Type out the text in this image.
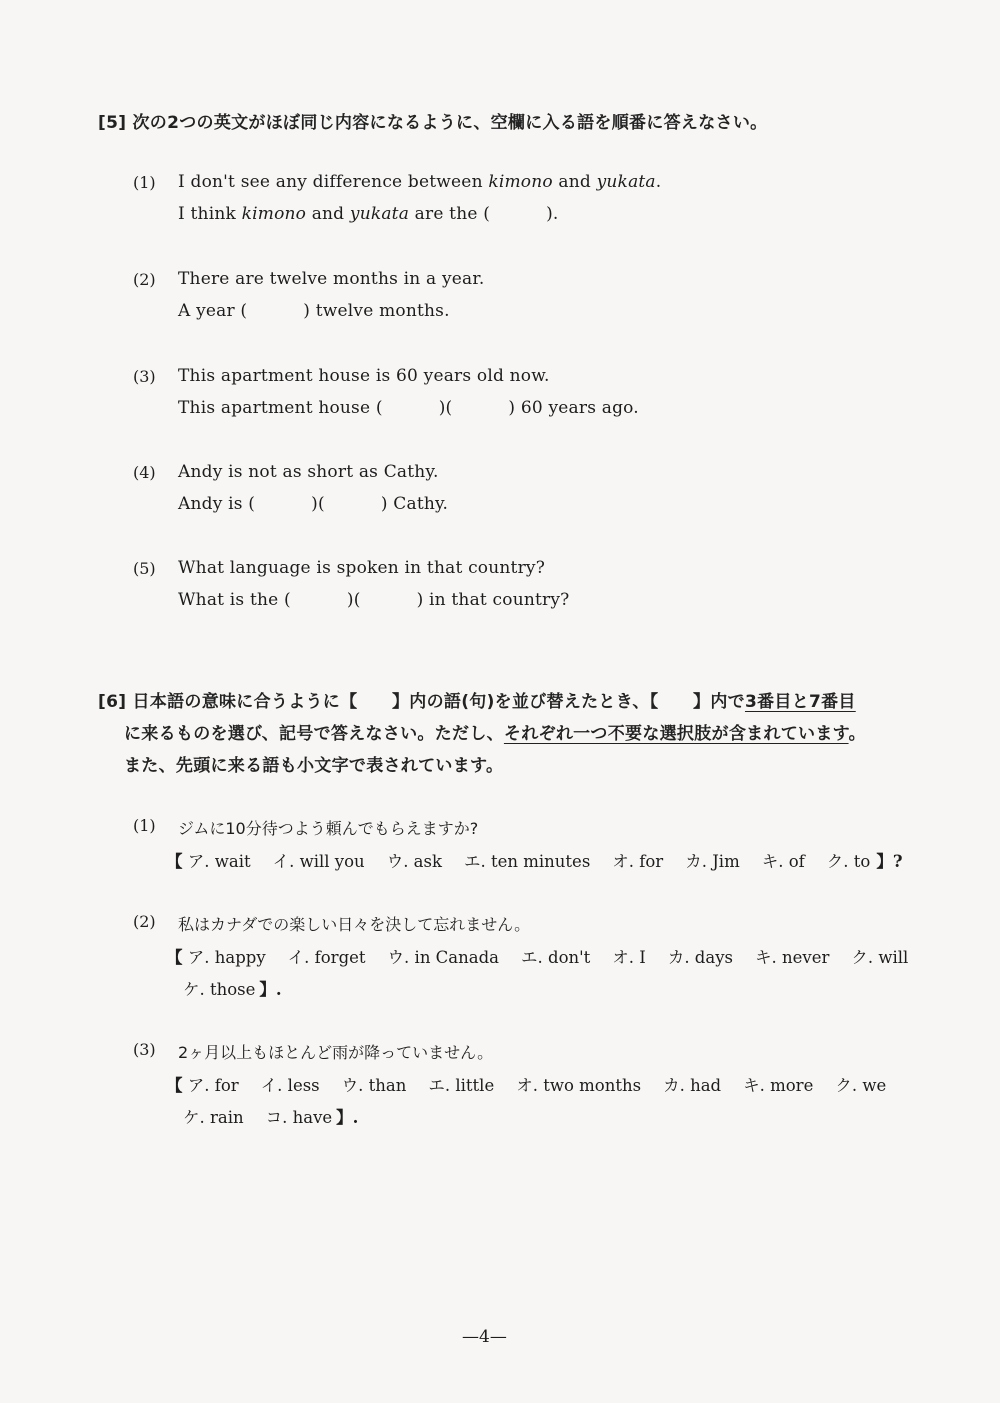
[5] 次の2つの英文がほぼ同じ内容になるように、空欄に入る語を順番に答えなさい。
(1) I don't see any difference between kimono and yukata.
I think kimono and yukata are the (          ).
(2) There are twelve months in a year.
A year (          ) twelve months.
(3) This apartment house is 60 years old now.
This apartment house (          )(          ) 60 years ago.
(4) Andy is not as short as Cathy.
Andy is (          )(          ) Cathy.
(5) What language is spoken in that country?
What is the (          )(          ) in that country?
[6] 日本語の意味に合うように【　　】内の語(句)を並び替えたとき、【　　】内で3番目と7番目
に来るものを選び、記号で答えなさい。ただし、それぞれ一つ不要な選択肢が含まれています。
また、先頭に来る語も小文字で表されています。
(1) ジムに10分待つよう頼んでもらえますか?
【 ア. wait イ. will you ウ. ask エ. ten minutes オ. for カ. Jim キ. of ク. to 】?
(2) 私はカナダでの楽しい日々を決して忘れません。
【 ア. happy イ. forget ウ. in Canada エ. don't オ. I カ. days キ. never ク. will
ケ. those 】.
(3) 2ヶ月以上もほとんど雨が降っていません。
【 ア. for イ. less ウ. than エ. little オ. two months カ. had キ. more ク. we
ケ. rain コ. have 】.
—4—
